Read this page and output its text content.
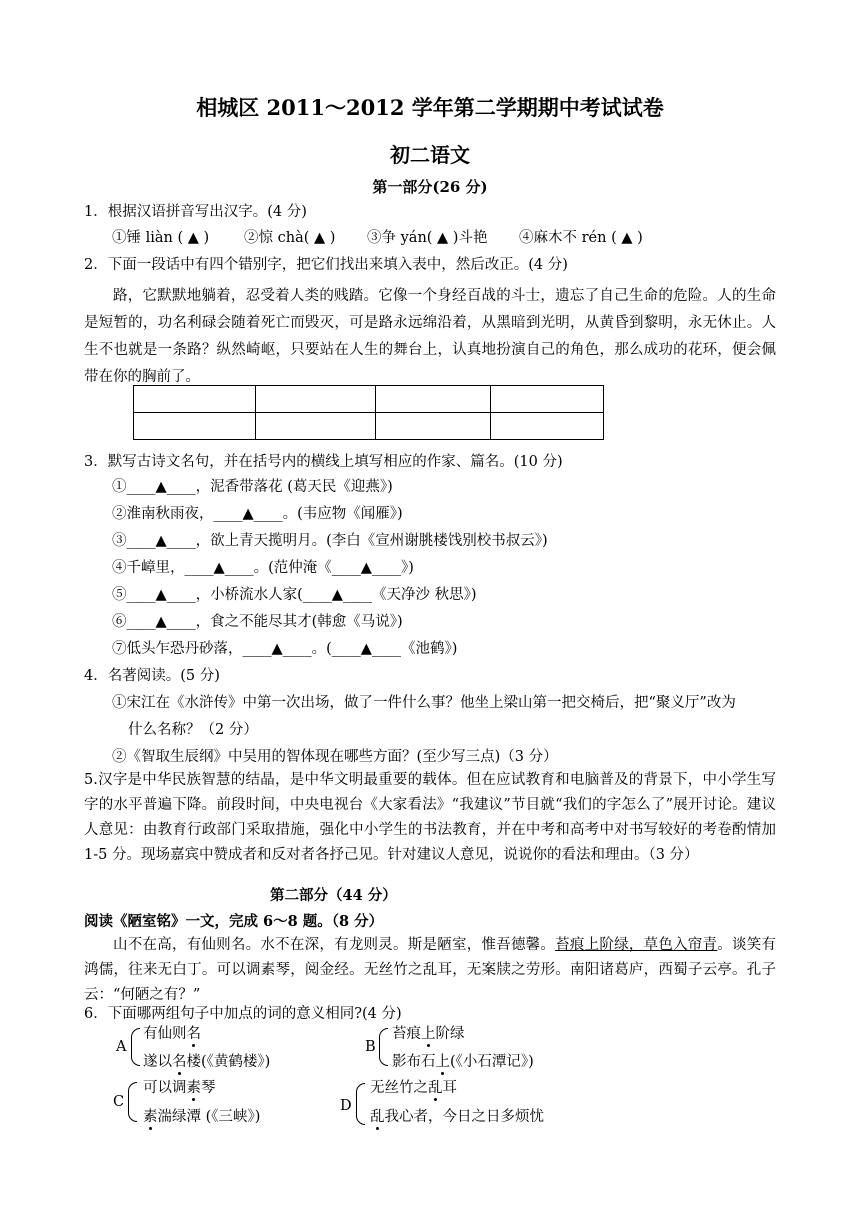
相城区 2011～2012 学年第二学期期中考试试卷
初二语文
第一部分(26 分)
1．根据汉语拼音写出汉字。(4 分)
①锤 liàn ( ▲ ) ②惊 chà( ▲ ) ③争 yán( ▲ )斗艳 ④麻木不 rén ( ▲ )
2．下面一段话中有四个错别字，把它们找出来填入表中，然后改正。(4 分)
路，它默默地躺着，忍受着人类的贱踏。它像一个身经百战的斗士，遗忘了自己生命的危险。人的生命是短暂的，功名利碌会随着死亡而毁灭，可是路永远绵沿着，从黑暗到光明，从黄昏到黎明，永无休止。人生不也就是一条路？纵然崎岖，只要站在人生的舞台上，认真地扮演自己的角色，那么成功的花环，便会佩带在你的胸前了。

3．默写古诗文名句，并在括号内的横线上填写相应的作家、篇名。(10 分)
①____▲____，泥香带落花 (葛天民《迎燕》)
②淮南秋雨夜，____▲____。(韦应物《闻雁》)
③____▲____，欲上青天揽明月。(李白《宣州谢朓楼饯别校书叔云》)
④千嶂里，____▲____。(范仲淹《____▲____》)
⑤____▲____，小桥流水人家(____▲____《天净沙 秋思》)
⑥____▲____，食之不能尽其才(韩愈《马说》)
⑦低头乍恐丹砂落，____▲____。(____▲____《池鹤》)
4．名著阅读。(5 分)
①宋江在《水浒传》中第一次出场，做了一件什么事？他坐上梁山第一把交椅后，把“聚义厅”改为
什么名称？（2 分）
②《智取生辰纲》中吴用的智体现在哪些方面？(至少写三点)（3 分）
5.汉字是中华民族智慧的结晶，是中华文明最重要的载体。但在应试教育和电脑普及的背景下，中小学生写字的水平普遍下降。前段时间，中央电视台《大家看法》“我建议”节目就“我们的字怎么了”展开讨论。建议人意见：由教育行政部门采取措施，强化中小学生的书法教育，并在中考和高考中对书写较好的考卷酌情加 1-5 分。现场嘉宾中赞成者和反对者各抒己见。针对建议人意见，说说你的看法和理由。（3 分）
第二部分（44 分）
阅读《陋室铭》一文，完成 6～8 题。（8 分）
山不在高，有仙则名。水不在深，有龙则灵。斯是陋室，惟吾德馨。苔痕上阶绿，草色入帘青。谈笑有鸿儒，往来无白丁。可以调素琴，阅金经。无丝竹之乱耳，无案牍之劳形。南阳诸葛庐，西蜀子云亭。孔子云：“何陋之有？”
6．下面哪两组句子中加点的词的意义相同?(4 分)
A
有仙则名
遂以名楼(《黄鹤楼》)
B
苔痕上阶绿
影布石上(《小石潭记》)
C
可以调素琴
素湍绿潭 (《三峡》)
D
无丝竹之乱耳
乱我心者，今日之日多烦忧
